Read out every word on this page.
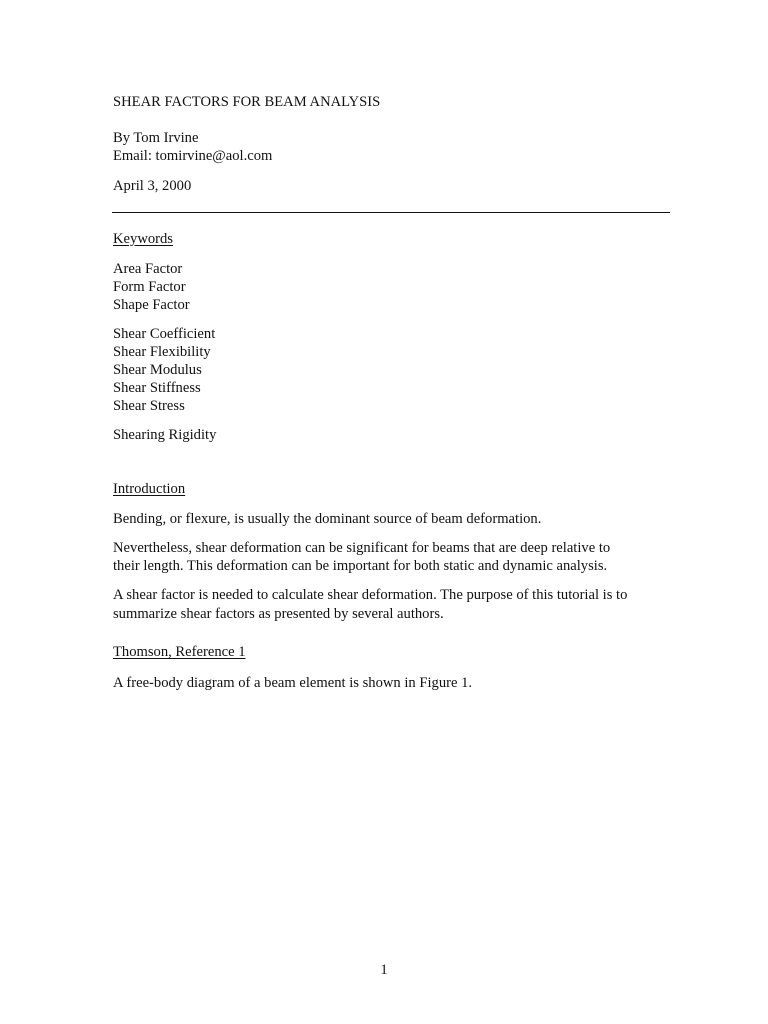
SHEAR FACTORS FOR BEAM ANALYSIS
By Tom Irvine
Email: tomirvine@aol.com
April 3, 2000
Keywords
Area Factor
Form Factor
Shape Factor
Shear Coefficient
Shear Flexibility
Shear Modulus
Shear Stiffness
Shear Stress
Shearing Rigidity
Introduction
Bending, or flexure, is usually the dominant source of beam deformation.
Nevertheless, shear deformation can be significant for beams that are deep relative to
their length. This deformation can be important for both static and dynamic analysis.
A shear factor is needed to calculate shear deformation. The purpose of this tutorial is to
summarize shear factors as presented by several authors.
Thomson, Reference 1
A free-body diagram of a beam element is shown in Figure 1.
1
